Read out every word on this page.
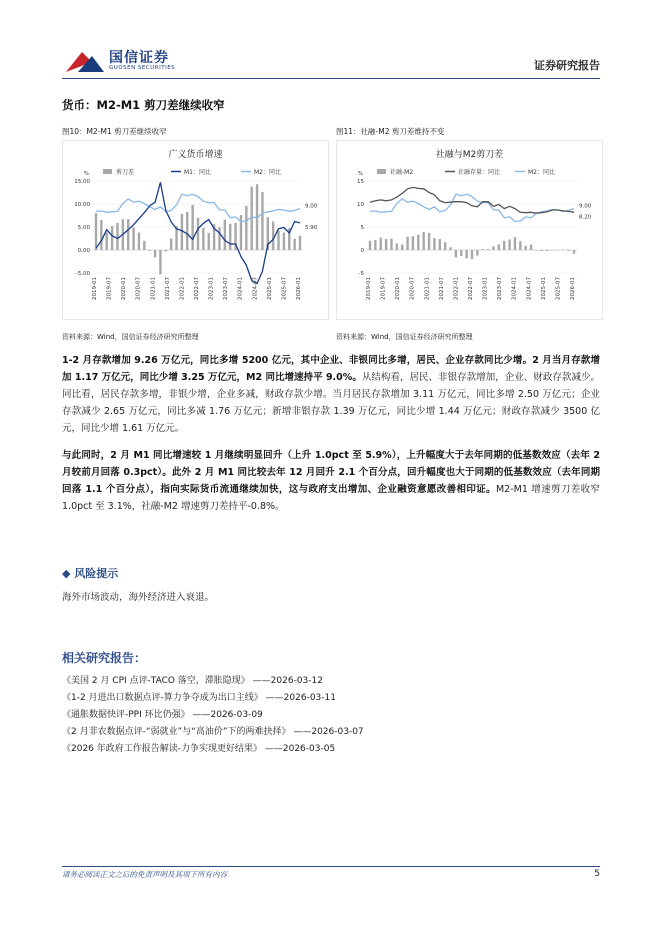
国信证券
GUOSEN SECURITIES	证券研究报告
货币：M2-M1 剪刀差继续收窄
图10：M2-M1 剪刀差继续收窄	图11：社融-M2 剪刀差维持不变
广义货币增速
剪刀差	M1：同比	M2：同比
%
15.00
10.00
5.00
0.00
-5.00
9.00
5.90
2019-01 2019-07 2020-01 2020-07 2021-01 2021-07 2022-01 2022-07 2023-01 2023-07 2024-01 2024-07 2025-01 2025-07 2026-01
社融与M2剪刀差
社融-M2	社融存量：同比	M2：同比
%
15
10
5
0
-5
9.00
8.20
2019-01 2019-07 2020-01 2020-07 2021-01 2021-07 2022-01 2022-07 2023-01 2023-07 2024-01 2024-07 2025-01 2025-07 2026-01
资料来源：Wind，国信证券经济研究所整理	资料来源：Wind，国信证券经济研究所整理

1-2 月存款增加 9.26 万亿元，同比多增 5200 亿元，其中企业、非银同比多增，居民、企业存款同比少增。2 月当月存款增加 1.17 万亿元，同比少增 3.25 万亿元，M2 同比增速持平 9.0%。从结构看，居民、非银存款增加，企业、财政存款减少。同比看，居民存款多增，非银少增，企业多减，财政存款少增。当月居民存款增加 3.11 万亿元，同比多增 2.50 万亿元；企业存款减少 2.65 万亿元，同比多减 1.76 万亿元；新增非银存款 1.39 万亿元，同比少增 1.44 万亿元；财政存款减少 3500 亿元，同比少增 1.61 万亿元。

与此同时，2 月 M1 同比增速较 1 月继续明显回升（上升 1.0pct 至 5.9%），上升幅度大于去年同期的低基数效应（去年 2 月较前月回落 0.3pct）。此外 2 月 M1 同比较去年 12 月回升 2.1 个百分点，回升幅度也大于同期的低基数效应（去年同期回落 1.1 个百分点），指向实际货币流通继续加快，这与政府支出增加、企业融资意愿改善相印证。M2-M1 增速剪刀差收窄 1.0pct 至 3.1%，社融-M2 增速剪刀差持平-0.8%。

◆ 风险提示
海外市场波动，海外经济进入衰退。
相关研究报告：
《美国 2 月 CPI 点评-TACO 落空，滞胀隐现》 ——2026-03-12
《1-2 月进出口数据点评-算力争夺成为出口主线》 ——2026-03-11
《通胀数据快评-PPI 环比仍强》 ——2026-03-09
《2 月非农数据点评-“弱就业”与“高油价”下的两难抉择》 ——2026-03-07
《2026 年政府工作报告解读-力争实现更好结果》 ——2026-03-05
请务必阅读正文之后的免责声明及其项下所有内容	5
